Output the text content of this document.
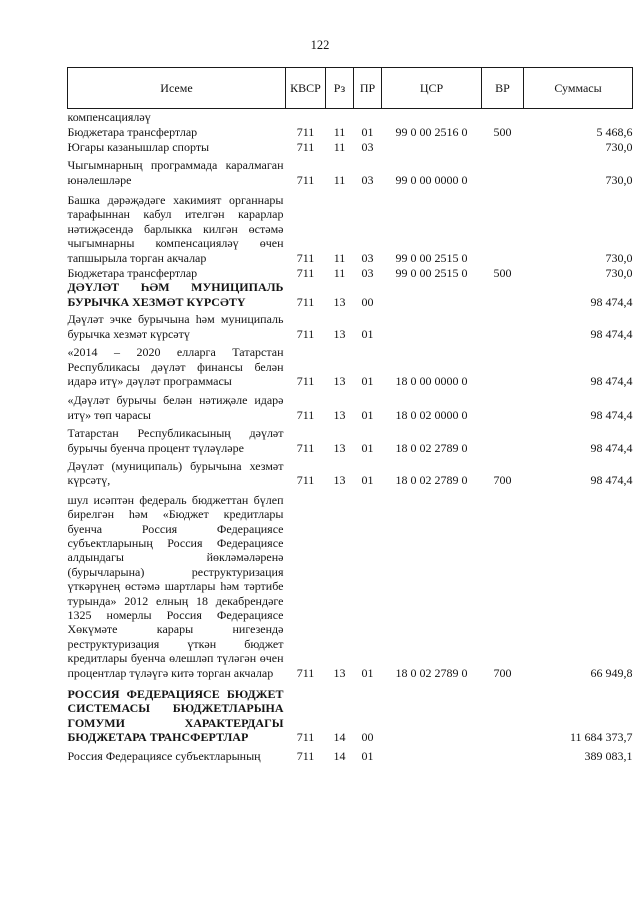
122
Исеме	КВСР	Рз	ПР	ЦСР	ВР	Суммасы
компенсациялəү						
Бюджетара трансфертлар	711	11	01	99 0 00 2516 0	500	5 468,6
Югары казанышлар спорты	711	11	03			730,0
Чыгымнарның программада каралмаган юнәлешләре	711	11	03	99 0 00 0000 0		730,0
Башка дәрәҗәдәге хакимият органнары тарафыннан кабул ителгән карарлар нәтиҗәсендә барлыкка килгән өстәмә чыгымнарны компенсациялəү өчен тапшырыла торган акчалар	711	11	03	99 0 00 2515 0		730,0
Бюджетара трансфертлар	711	11	03	99 0 00 2515 0	500	730,0
ДӘҮЛӘТ ҺӘМ МУНИЦИПАЛЬ БУРЫЧКА ХЕЗМӘТ КҮРСӘТҮ	711	13	00			98 474,4
Дәүләт эчке бурычына һәм муниципаль бурычка хезмәт күрсәтү	711	13	01			98 474,4
«2014 – 2020 елларга Татарстан Республикасы дәүләт финансы белән идарә итү» дәүләт программасы	711	13	01	18 0 00 0000 0		98 474,4
«Дәүләт бурычы белән нәтиҗәле идарә итү» төп чарасы	711	13	01	18 0 02 0000 0		98 474,4
Татарстан Республикасының дәүләт бурычы буенча процент түләүләре	711	13	01	18 0 02 2789 0		98 474,4
Дәүләт (муниципаль) бурычына хезмәт күрсәтү,	711	13	01	18 0 02 2789 0	700	98 474,4
шул исәптән федераль бюджеттан бүлеп бирелгән һәм «Бюджет кредитлары буенча Россия Федерациясе субъектларының Россия Федерациясе алдындагы йөкләмәләренә (бурычларына) реструктуризация үткәрүнең өстәмә шартлары һәм тәртибе турында» 2012 елның 18 декабрендәге 1325 номерлы Россия Федерациясе Хөкүмәте карары нигезендә реструктуризация үткән бюджет кредитлары буенча өлешләп түләгән өчен процентлар түләүгә китә торган акчалар	711	13	01	18 0 02 2789 0	700	66 949,8
РОССИЯ ФЕДЕРАЦИЯСЕ БЮДЖЕТ СИСТЕМАСЫ БЮДЖЕТЛАРЫНА ГОМУМИ ХАРАКТЕРДАГЫ БЮДЖЕТАРА ТРАНСФЕРТЛАР	711	14	00			11 684 373,7
Россия Федерациясе субъектларының	711	14	01			389 083,1
